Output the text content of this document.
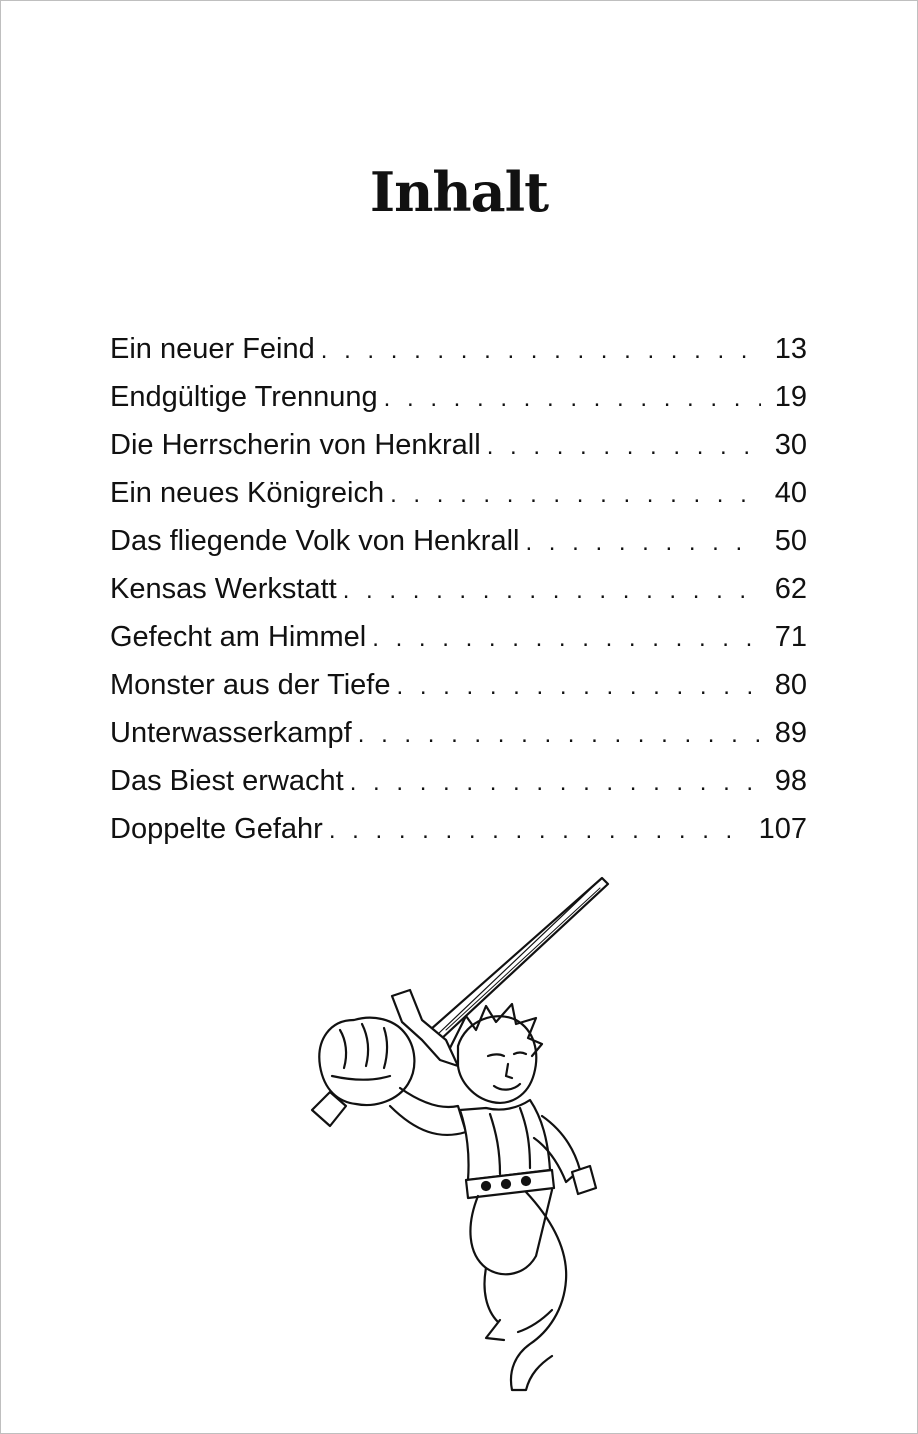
Inhalt
Ein neuer Feind . . .	13
Endgültige Trennung . . .	19
Die Herrscherin von Henkrall . . .	30
Ein neues Königreich . . .	40
Das fliegende Volk von Henkrall . . .	50
Kensas Werkstatt . . .	62
Gefecht am Himmel . . .	71
Monster aus der Tiefe . . .	80
Unterwasserkampf . . .	89
Das Biest erwacht . . .	98
Doppelte Gefahr . . .	107
